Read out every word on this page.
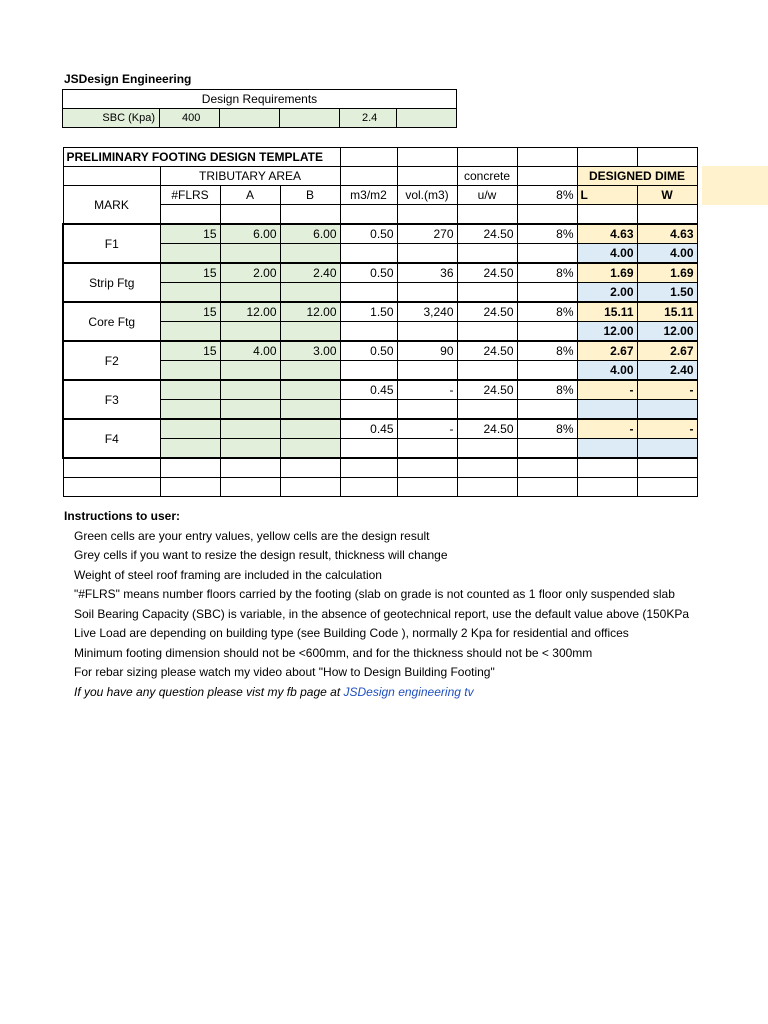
JSDesign Engineering
Design Requirements
SBC (Kpa)	400			2.4	
PRELIMINARY FOOTING DESIGN TEMPLATE									
	TRIBUTARY AREA					concrete		DESIGNED DIME	
MARK	#FLRS	A	B	m3/m2	vol.(m3)	u/w	8%	L	W

F1	15	6.00	6.00	0.50	270	24.50	8%	4.63	4.63
								4.00	4.00
Strip Ftg	15	2.00	2.40	0.50	36	24.50	8%	1.69	1.69
								2.00	1.50
Core Ftg	15	12.00	12.00	1.50	3,240	24.50	8%	15.11	15.11
								12.00	12.00
F2	15	4.00	3.00	0.50	90	24.50	8%	2.67	2.67
								4.00	2.40
F3				0.45	-	24.50	8%	-	-

F4				0.45	-	24.50	8%	-	-

Instructions to user:
Green cells are your entry values, yellow cells are the design result
Grey cells if you want to resize the design result, thickness will change
Weight of steel roof framing are included in the calculation
"#FLRS" means number floors carried by the footing (slab on grade is not counted as 1 floor only suspended slab
Soil Bearing Capacity (SBC) is variable, in the absence of geotechnical report, use the default value above (150KPa
Live Load are depending on building type (see Building Code ), normally 2 Kpa for residential and offices
Minimum footing dimension should not be <600mm, and for the thickness should not be < 300mm
For rebar sizing please watch my video about "How to Design Building Footing"
If you have any question please vist my fb page at JSDesign engineering tv
